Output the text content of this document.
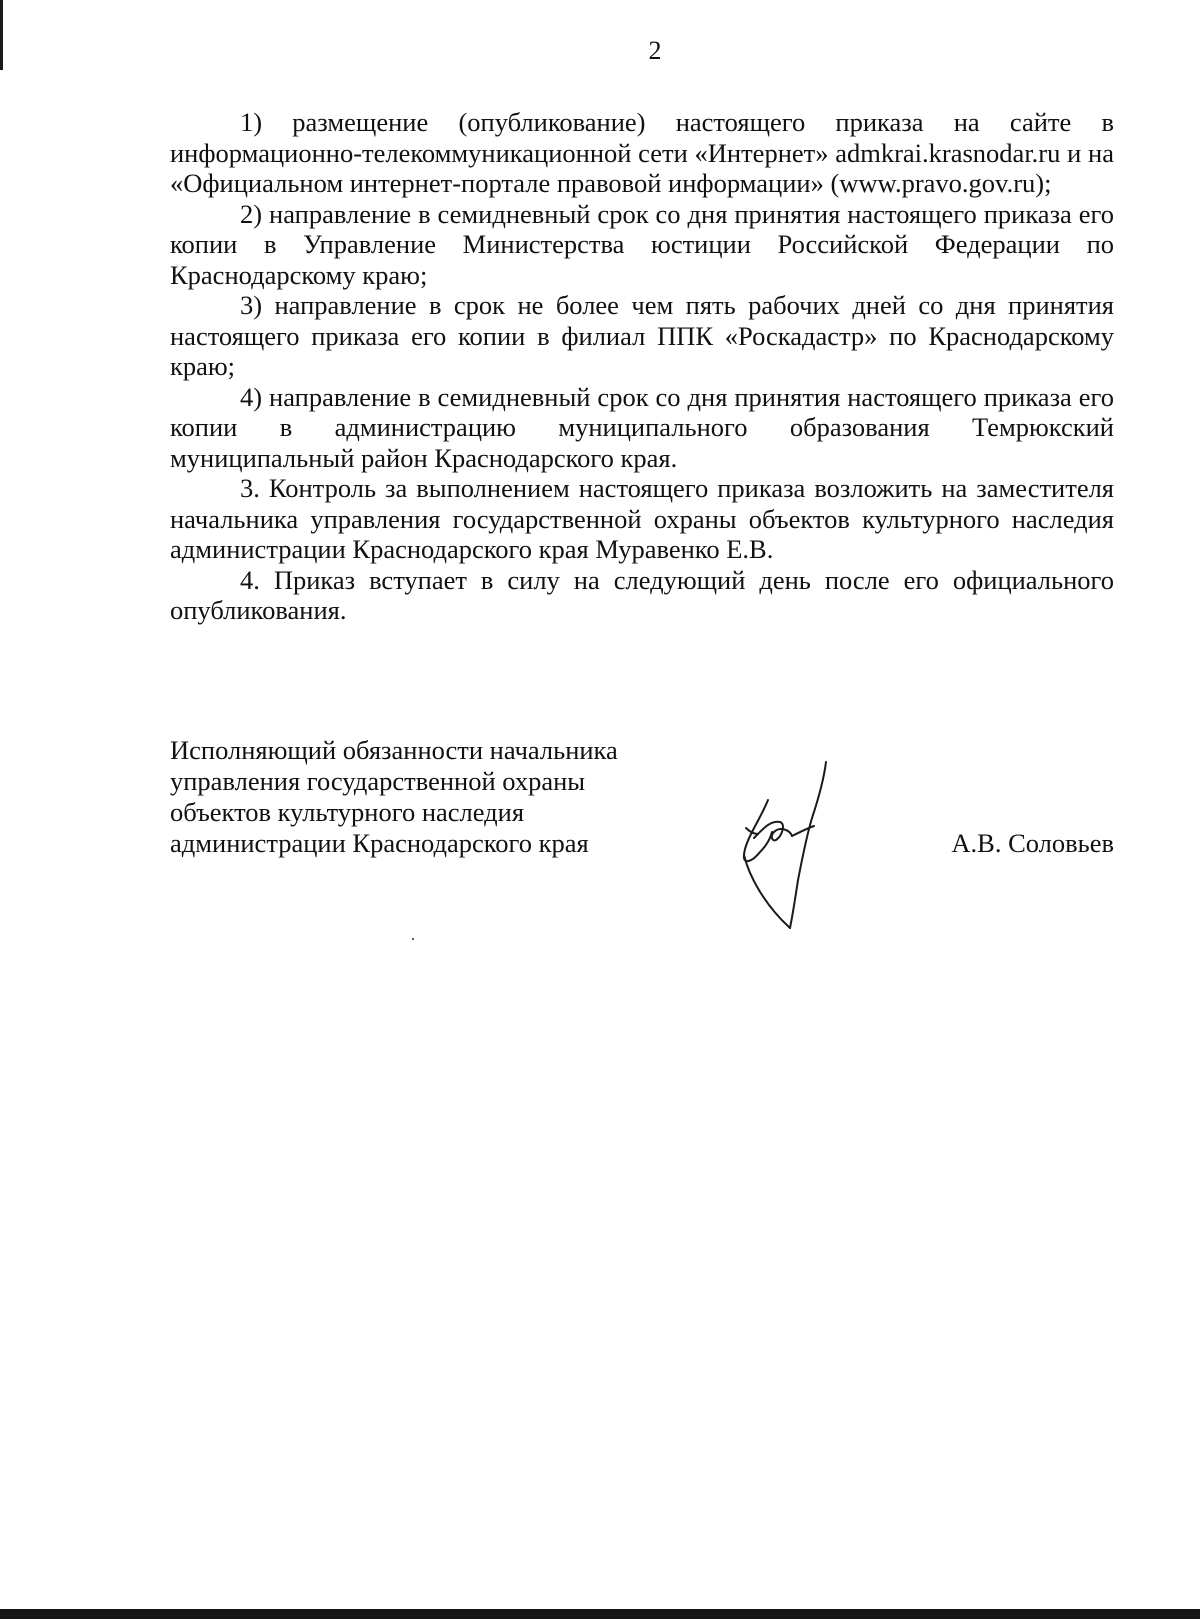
2

1) размещение (опубликование) настоящего приказа на сайте в информационно-телекоммуникационной сети «Интернет» admkrai.krasnodar.ru и на «Официальном интернет-портале правовой информации» (www.pravo.gov.ru);

2) направление в семидневный срок со дня принятия настоящего приказа его копии в Управление Министерства юстиции Российской Федерации по Краснодарскому краю;

3) направление в срок не более чем пять рабочих дней со дня принятия настоящего приказа его копии в филиал ППК «Роскадастр» по Краснодарскому краю;

4) направление в семидневный срок со дня принятия настоящего приказа его копии в администрацию муниципального образования Темрюкский муниципальный район Краснодарского края.

3. Контроль за выполнением настоящего приказа возложить на заместителя начальника управления государственной охраны объектов культурного наследия администрации Краснодарского края Муравенко Е.В.

4. Приказ вступает в силу на следующий день после его официального опубликования.

Исполняющий обязанности начальника
управления государственной охраны
объектов культурного наследия
администрации Краснодарского края	А.В. Соловьев
